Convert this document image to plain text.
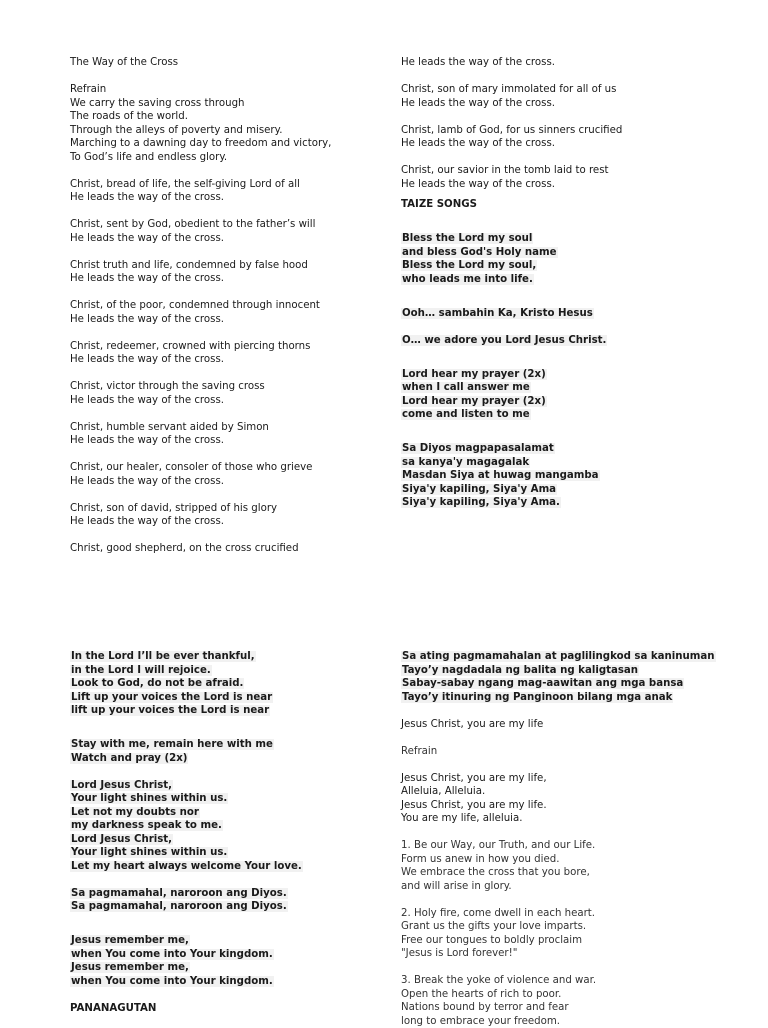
The Way of the Cross
Refrain
We carry the saving cross through
The roads of the world.
Through the alleys of poverty and misery.
Marching to a dawning day to freedom and victory,
To God’s life and endless glory.
Christ, bread of life, the self-giving Lord of all
He leads the way of the cross.
Christ, sent by God, obedient to the father’s will
He leads the way of the cross.
Christ truth and life, condemned by false hood
He leads the way of the cross.
Christ, of the poor, condemned through innocent
He leads the way of the cross.
Christ, redeemer, crowned with piercing thorns
He leads the way of the cross.
Christ, victor through the saving cross
He leads the way of the cross.
Christ, humble servant aided by Simon
He leads the way of the cross.
Christ, our healer, consoler of those who grieve
He leads the way of the cross.
Christ, son of david, stripped of his glory
He leads the way of the cross.
Christ, good shepherd, on the cross crucified
He leads the way of the cross.
Christ, son of mary immolated for all of us
He leads the way of the cross.
Christ, lamb of God, for us sinners crucified
He leads the way of the cross.
Christ, our savior in the tomb laid to rest
He leads the way of the cross.
TAIZE SONGS
Bless the Lord my soul
and bless God's Holy name
Bless the Lord my soul,
who leads me into life.
Ooh… sambahin Ka, Kristo Hesus
O… we adore you Lord Jesus Christ.
Lord hear my prayer (2x)
when I call answer me
Lord hear my prayer (2x)
come and listen to me
Sa Diyos magpapasalamat
sa kanya'y magagalak
Masdan Siya at huwag mangamba
Siya'y kapiling, Siya'y Ama
Siya'y kapiling, Siya'y Ama.
In the Lord I’ll be ever thankful,
in the Lord I will rejoice.
Look to God, do not be afraid.
Lift up your voices the Lord is near
lift up your voices the Lord is near
Stay with me, remain here with me
Watch and pray (2x)
Lord Jesus Christ,
Your light shines within us.
Let not my doubts nor
my darkness speak to me.
Lord Jesus Christ,
Your light shines within us.
Let my heart always welcome Your love.
Sa pagmamahal, naroroon ang Diyos.
Sa pagmamahal, naroroon ang Diyos.
Jesus remember me,
when You come into Your kingdom.
Jesus remember me,
when You come into Your kingdom.
PANANAGUTAN
Sa ating pagmamahalan at paglilingkod sa kaninuman
Tayo’y nagdadala ng balita ng kaligtasan
Sabay-sabay ngang mag-aawitan ang mga bansa
Tayo’y itinuring ng Panginoon bilang mga anak
Jesus Christ, you are my life
Refrain
Jesus Christ, you are my life,
Alleluia, Alleluia.
Jesus Christ, you are my life.
You are my life, alleluia.
1. Be our Way, our Truth, and our Life.
Form us anew in how you died.
We embrace the cross that you bore,
and will arise in glory.
2. Holy fire, come dwell in each heart.
Grant us the gifts your love imparts.
Free our tongues to boldly proclaim
"Jesus is Lord forever!"
3. Break the yoke of violence and war.
Open the hearts of rich to poor.
Nations bound by terror and fear
long to embrace your freedom.
